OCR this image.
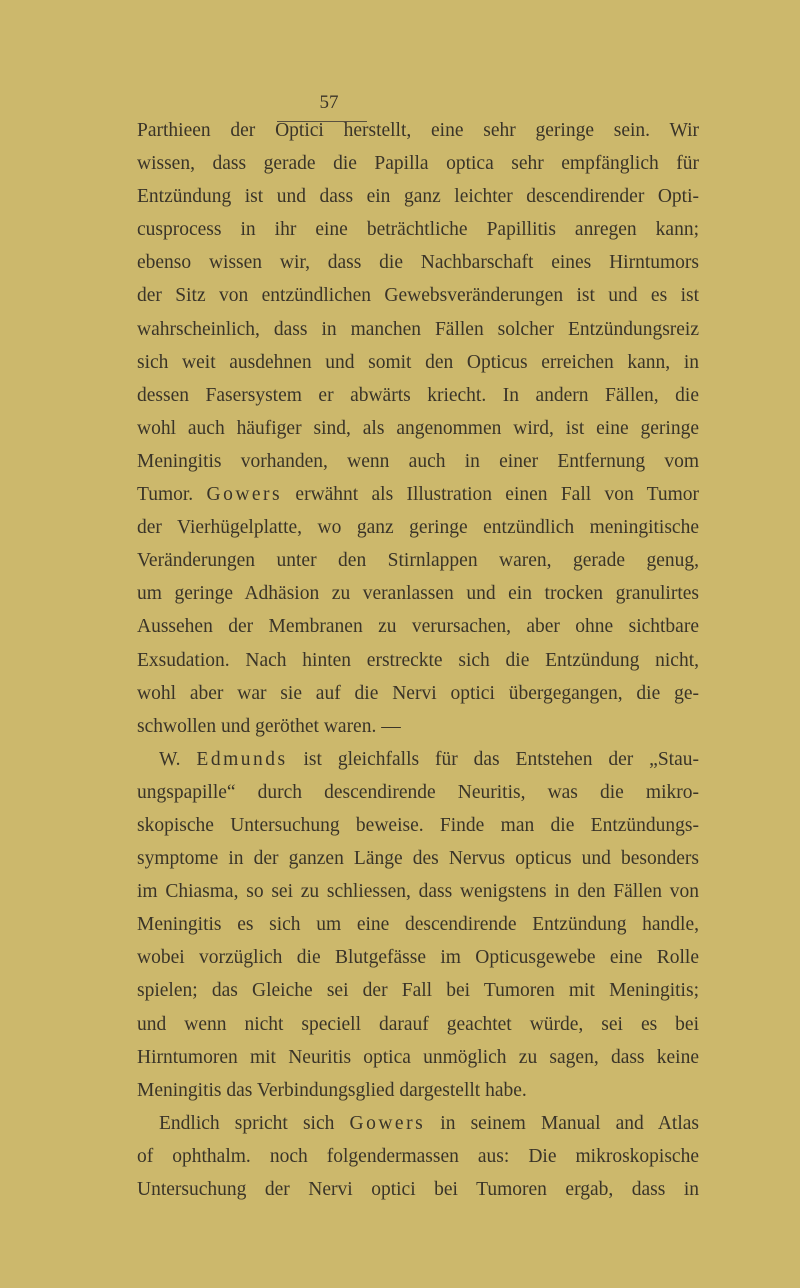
57
Parthieen der Optici herstellt, eine sehr geringe sein. Wir
wissen, dass gerade die Papilla optica sehr empfänglich für
Entzündung ist und dass ein ganz leichter descendirender Opti-
cusprocess in ihr eine beträchtliche Papillitis anregen kann;
ebenso wissen wir, dass die Nachbarschaft eines Hirntumors
der Sitz von entzündlichen Gewebsveränderungen ist und es ist
wahrscheinlich, dass in manchen Fällen solcher Entzündungsreiz
sich weit ausdehnen und somit den Opticus erreichen kann, in
dessen Fasersystem er abwärts kriecht. In andern Fällen, die
wohl auch häufiger sind, als angenommen wird, ist eine geringe
Meningitis vorhanden, wenn auch in einer Entfernung vom
Tumor. Gowers erwähnt als Illustration einen Fall von Tumor
der Vierhügelplatte, wo ganz geringe entzündlich meningitische
Veränderungen unter den Stirnlappen waren, gerade genug,
um geringe Adhäsion zu veranlassen und ein trocken granulirtes
Aussehen der Membranen zu verursachen, aber ohne sichtbare
Exsudation. Nach hinten erstreckte sich die Entzündung nicht,
wohl aber war sie auf die Nervi optici übergegangen, die ge-
schwollen und geröthet waren. —
W. Edmunds ist gleichfalls für das Entstehen der „Stau-
ungspapille“ durch descendirende Neuritis, was die mikro-
skopische Untersuchung beweise. Finde man die Entzündungs-
symptome in der ganzen Länge des Nervus opticus und besonders
im Chiasma, so sei zu schliessen, dass wenigstens in den Fällen von
Meningitis es sich um eine descendirende Entzündung handle,
wobei vorzüglich die Blutgefässe im Opticusgewebe eine Rolle
spielen; das Gleiche sei der Fall bei Tumoren mit Meningitis;
und wenn nicht speciell darauf geachtet würde, sei es bei
Hirntumoren mit Neuritis optica unmöglich zu sagen, dass keine
Meningitis das Verbindungsglied dargestellt habe.
Endlich spricht sich Gowers in seinem Manual and Atlas
of ophthalm. noch folgendermassen aus: Die mikroskopische
Untersuchung der Nervi optici bei Tumoren ergab, dass in
